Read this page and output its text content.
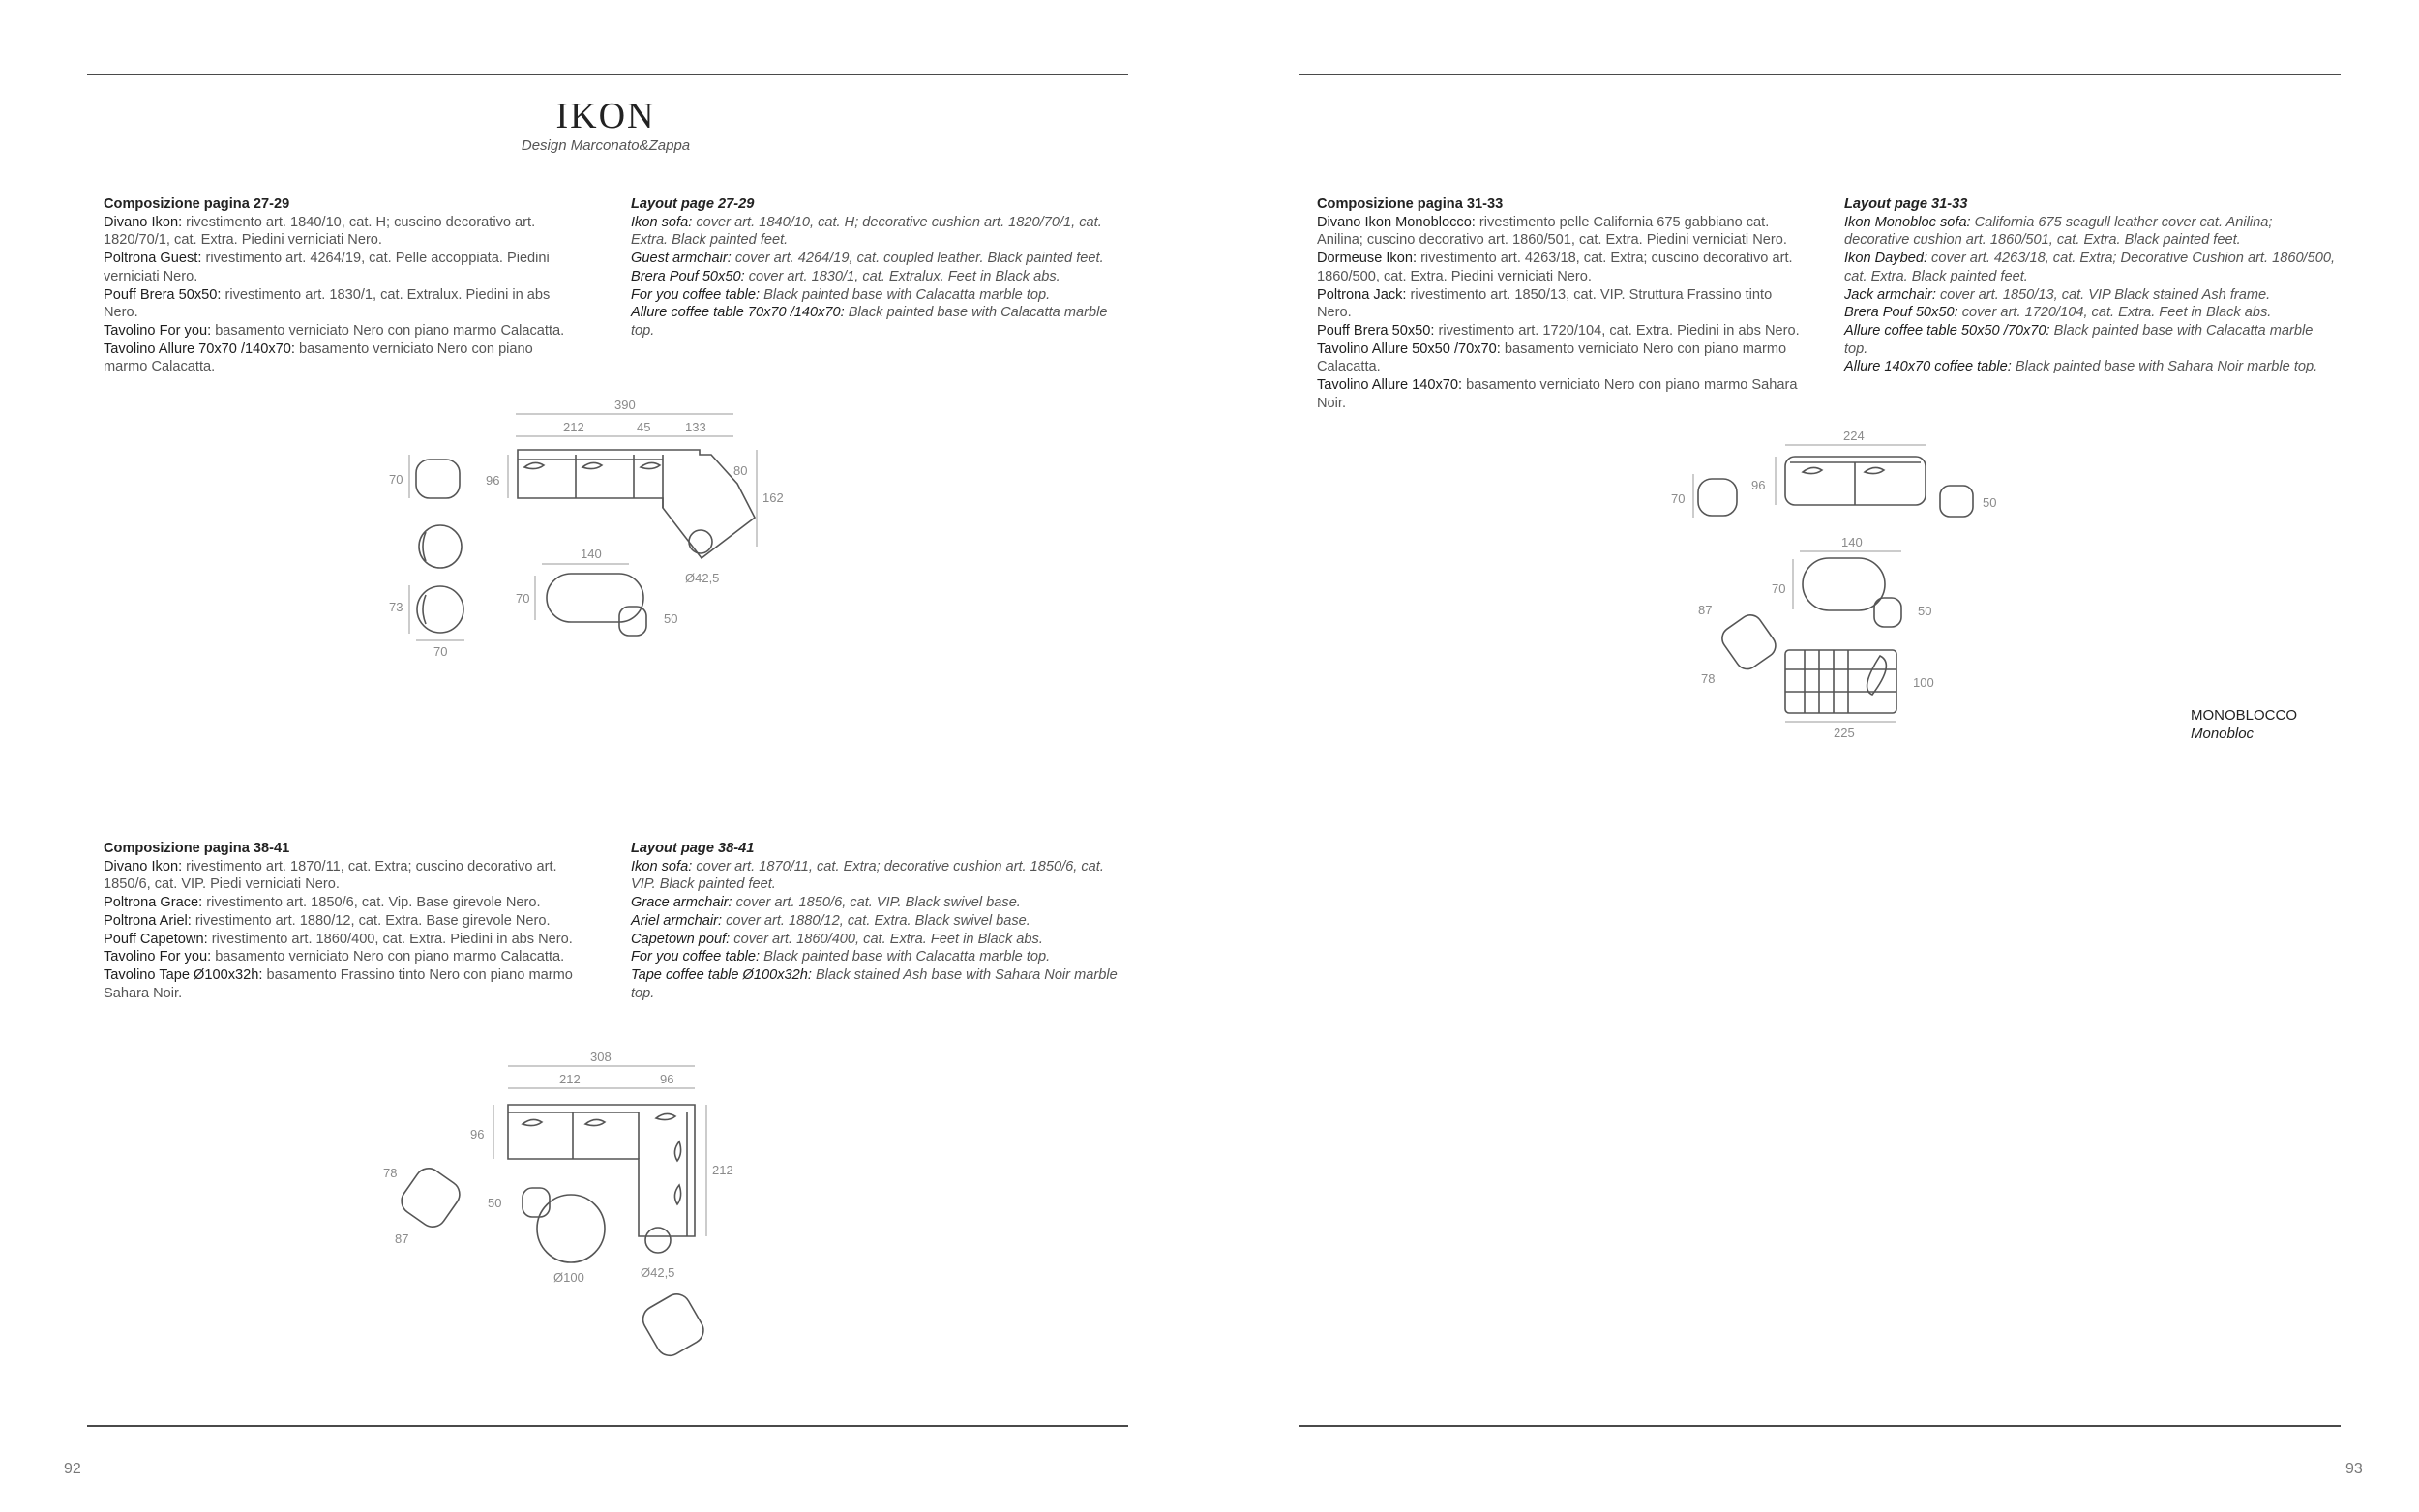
92	93
IKON
Design Marconato&Zappa
Composizione pagina 27-29
Divano Ikon: rivestimento art. 1840/10, cat. H; cuscino decorativo art. 1820/70/1, cat. Extra. Piedini verniciati Nero.
Poltrona Guest: rivestimento art. 4264/19, cat. Pelle accoppiata. Piedini verniciati Nero.
Pouff Brera 50x50: rivestimento art. 1830/1, cat. Extralux. Piedini in abs Nero.
Tavolino For you: basamento verniciato Nero con piano marmo Calacatta.
Tavolino Allure 70x70 /140x70: basamento verniciato Nero con piano marmo Calacatta.
Layout page 27-29
Ikon sofa: cover art. 1840/10, cat. H; decorative cushion art. 1820/70/1, cat. Extra. Black painted feet.
Guest armchair: cover art. 4264/19, cat. coupled leather. Black painted feet.
Brera Pouf 50x50: cover art. 1830/1, cat. Extralux. Feet in Black abs.
For you coffee table: Black painted base with Calacatta marble top.
Allure coffee table 70x70 /140x70: Black painted base with Calacatta marble top.
Composizione pagina 38-41
Divano Ikon: rivestimento art. 1870/11, cat. Extra; cuscino decorativo art. 1850/6, cat. VIP. Piedi verniciati Nero.
Poltrona Grace: rivestimento art. 1850/6, cat. Vip. Base girevole Nero.
Poltrona Ariel: rivestimento art. 1880/12, cat. Extra. Base girevole Nero.
Pouff Capetown: rivestimento art. 1860/400, cat. Extra. Piedini in abs Nero.
Tavolino For you: basamento verniciato Nero con piano marmo Calacatta.
Tavolino Tape Ø100x32h: basamento Frassino tinto Nero con piano marmo Sahara Noir.
Layout page 38-41
Ikon sofa: cover art. 1870/11, cat. Extra; decorative cushion art. 1850/6, cat. VIP. Black painted feet.
Grace armchair: cover art. 1850/6, cat. VIP. Black swivel base.
Ariel armchair: cover art. 1880/12, cat. Extra. Black swivel base.
Capetown pouf: cover art. 1860/400, cat. Extra. Feet in Black abs.
For you coffee table: Black painted base with Calacatta marble top.
Tape coffee table Ø100x32h: Black stained Ash base with Sahara Noir marble top.
Composizione pagina 31-33
Divano Ikon Monoblocco: rivestimento pelle California 675 gabbiano cat. Anilina; cuscino decorativo art. 1860/501, cat. Extra. Piedini verniciati Nero.
Dormeuse Ikon: rivestimento art. 4263/18, cat. Extra; cuscino decorativo art. 1860/500, cat. Extra. Piedini verniciati Nero.
Poltrona Jack: rivestimento art. 1850/13, cat. VIP. Struttura Frassino tinto Nero.
Pouff Brera 50x50: rivestimento art. 1720/104, cat. Extra. Piedini in abs Nero.
Tavolino Allure 50x50 /70x70: basamento verniciato Nero con piano marmo Calacatta.
Tavolino Allure 140x70: basamento verniciato Nero con piano marmo Sahara Noir.
Layout page 31-33
Ikon Monobloc sofa: California 675 seagull leather cover cat. Anilina; decorative cushion art. 1860/501, cat. Extra. Black painted feet.
Ikon Daybed: cover art. 4263/18, cat. Extra; Decorative Cushion art. 1860/500, cat. Extra. Black painted feet.
Jack armchair: cover art. 1850/13, cat. VIP Black stained Ash frame.
Brera Pouf 50x50: cover art. 1720/104, cat. Extra. Feet in Black abs.
Allure coffee table 50x50 /70x70: Black painted base with Calacatta marble top.
Allure 140x70 coffee table: Black painted base with Sahara Noir marble top.
390
212	45	133
80
162
96
70
73
70
140
70
50
Ø42,5
224
96
70	50
140
70
50
87
78	100
225
308
212	96
96
212
78
87
50
Ø100	Ø42,5
MONOBLOCCO
Monobloc
